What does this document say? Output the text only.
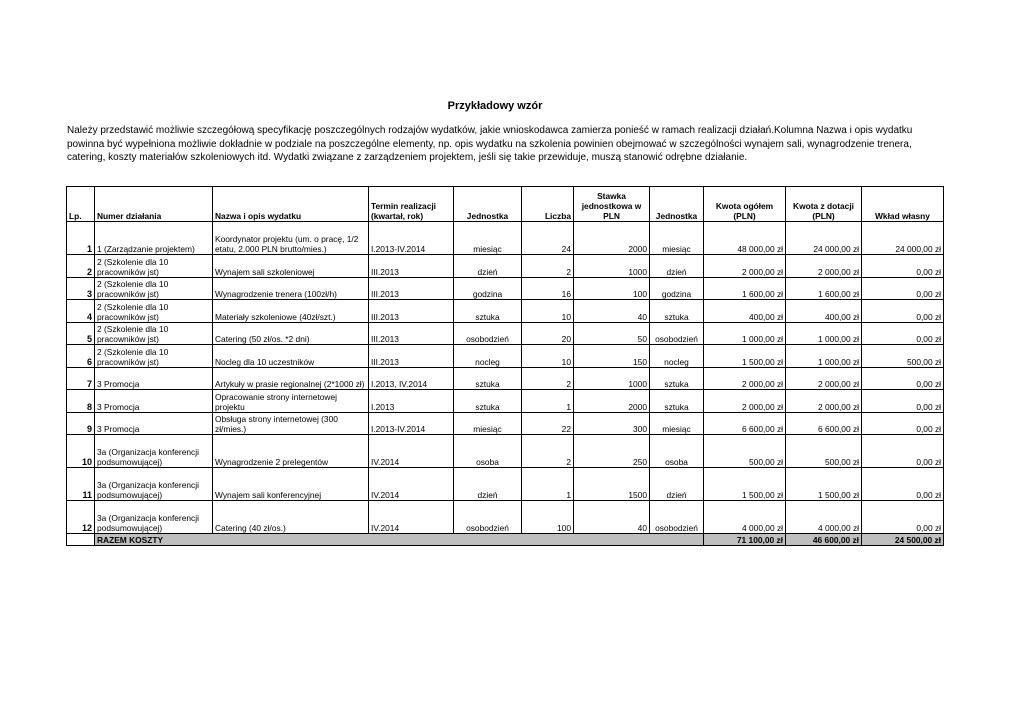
Przykładowy wzór
Należy przedstawić możliwie szczegółową specyfikację poszczególnych rodzajów wydatków, jakie wnioskodawca zamierza ponieść w ramach realizacji działań.Kolumna Nazwa i opis wydatku powinna być wypełniona możliwie dokładnie w podziale na poszczególne elementy, np. opis wydatku na szkolenia powinien obejmować w szczególności wynajem sali, wynagrodzenie trenera, catering, koszty materiałów szkoleniowych itd. Wydatki związane z zarządzeniem projektem, jeśli się takie przewiduje, muszą stanowić odrębne działanie.
Lp.	Numer działania	Nazwa i opis wydatku	Termin realizacji (kwartał, rok)	Jednostka	Liczba	Stawka jednostkowa w PLN	Jednostka	Kwota ogółem (PLN)	Kwota z dotacji (PLN)	Wkład własny
1	1 (Zarządzanie projektem)	Koordynator projektu (um. o pracę, 1/2 etatu, 2.000 PLN brutto/mies.)	I.2013-IV.2014	miesiąc	24	2000	miesiąc	48 000,00 zł	24 000,00 zł	24 000,00 zł
2	2 (Szkolenie dla 10 pracowników jst)	Wynajem sali szkoleniowej	III.2013	dzień	2	1000	dzień	2 000,00 zł	2 000,00 zł	0,00 zł
3	2 (Szkolenie dla 10 pracowników jst)	Wynagrodzenie trenera (100zł/h)	III.2013	godzina	16	100	godzina	1 600,00 zł	1 600,00 zł	0,00 zł
4	2 (Szkolenie dla 10 pracowników jst)	Materiały szkoleniowe (40zł/szt.)	III.2013	sztuka	10	40	sztuka	400,00 zł	400,00 zł	0,00 zł
5	2 (Szkolenie dla 10 pracowników jst)	Catering (50 zł/os. *2 dni)	III.2013	osobodzień	20	50	osobodzień	1 000,00 zł	1 000,00 zł	0,00 zł
6	2 (Szkolenie dla 10 pracowników jst)	Nocleg dla 10 uczestników	III.2013	nocleg	10	150	nocleg	1 500,00 zł	1 000,00 zł	500,00 zł
7	3 Promocja	Artykuły w prasie regionalnej (2*1000 zł)	I.2013, IV.2014	sztuka	2	1000	sztuka	2 000,00 zł	2 000,00 zł	0,00 zł
8	3 Promocja	Opracowanie strony internetowej projektu	I.2013	sztuka	1	2000	sztuka	2 000,00 zł	2 000,00 zł	0,00 zł
9	3 Promocja	Obsługa strony internetowej (300 zł/mies.)	I.2013-IV.2014	miesiąc	22	300	miesiąc	6 600,00 zł	6 600,00 zł	0,00 zł
10	3a (Organizacja konferencji podsumowującej)	Wynagrodzenie 2 prelegentów	IV.2014	osoba	2	250	osoba	500,00 zł	500,00 zł	0,00 zł
11	3a (Organizacja konferencji podsumowującej)	Wynajem sali konferencyjnej	IV.2014	dzień	1	1500	dzień	1 500,00 zł	1 500,00 zł	0,00 zł
12	3a (Organizacja konferencji podsumowującej)	Catering (40 zł/os.)	IV.2014	osobodzień	100	40	osobodzień	4 000,00 zł	4 000,00 zł	0,00 zł
	RAZEM KOSZTY							71 100,00 zł	46 600,00 zł	24 500,00 zł
